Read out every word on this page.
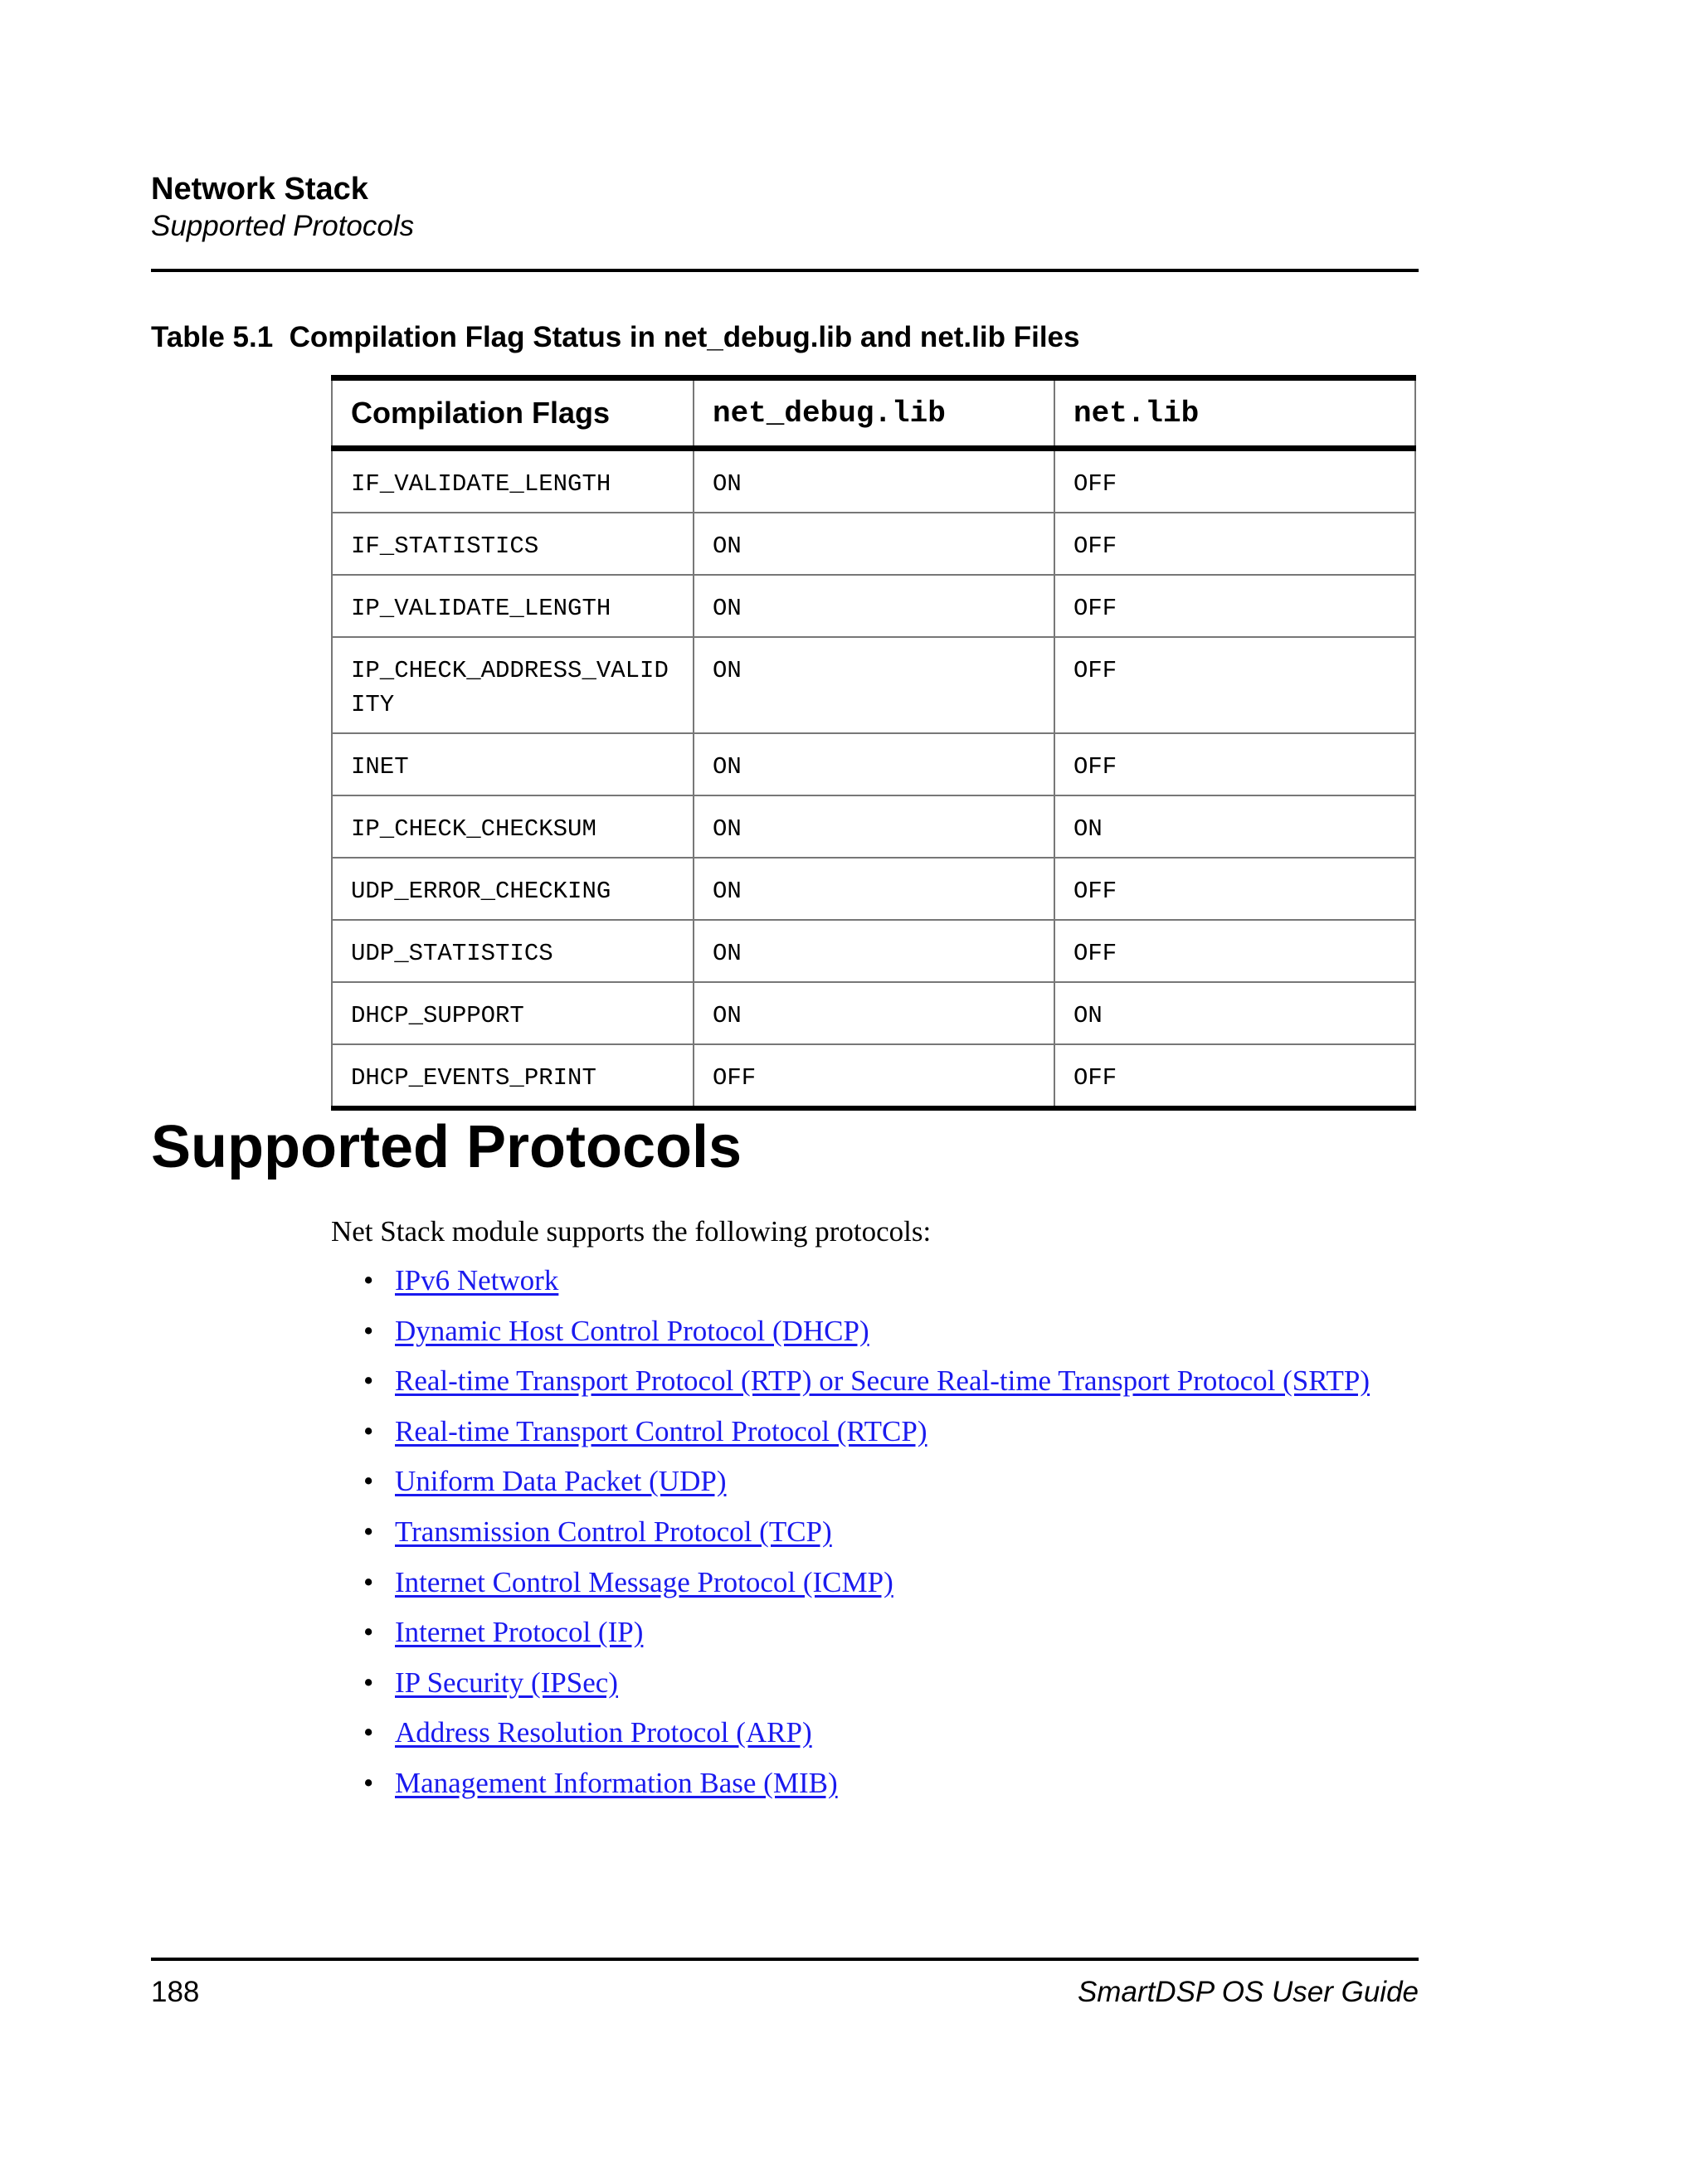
Network Stack
Supported Protocols
Table 5.1  Compilation Flag Status in net_debug.lib and net.lib Files
Compilation Flags	net_debug.lib	net.lib
IF_VALIDATE_LENGTH	ON	OFF
IF_STATISTICS	ON	OFF
IP_VALIDATE_LENGTH	ON	OFF
IP_CHECK_ADDRESS_VALIDITY	ON	OFF
INET	ON	OFF
IP_CHECK_CHECKSUM	ON	ON
UDP_ERROR_CHECKING	ON	OFF
UDP_STATISTICS	ON	OFF
DHCP_SUPPORT	ON	ON
DHCP_EVENTS_PRINT	OFF	OFF
Supported Protocols
Net Stack module supports the following protocols:
• IPv6 Network
• Dynamic Host Control Protocol (DHCP)
• Real-time Transport Protocol (RTP) or Secure Real-time Transport Protocol (SRTP)
• Real-time Transport Control Protocol (RTCP)
• Uniform Data Packet (UDP)
• Transmission Control Protocol (TCP)
• Internet Control Message Protocol (ICMP)
• Internet Protocol (IP)
• IP Security (IPSec)
• Address Resolution Protocol (ARP)
• Management Information Base (MIB)
188	SmartDSP OS User Guide
